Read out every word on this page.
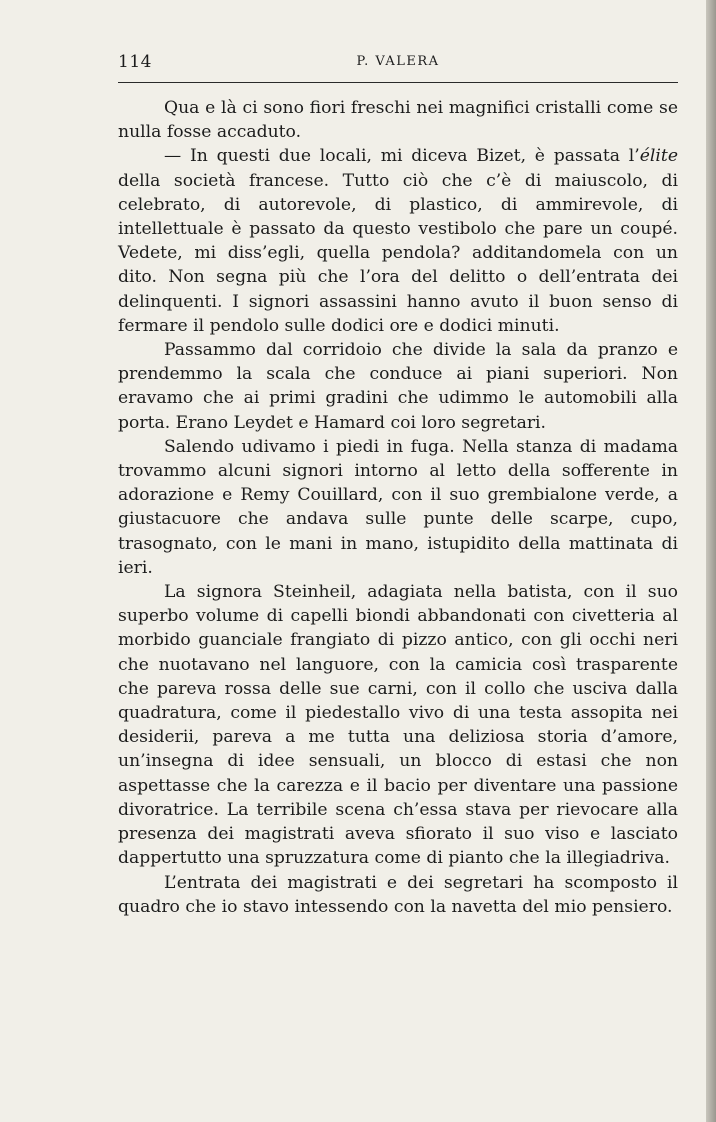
114	P. VALERA

Qua e là ci sono fiori freschi nei magnifici cristalli come se nulla fosse accaduto.

— In questi due locali, mi diceva Bizet, è passata l’élite della società francese. Tutto ciò che c’è di maiuscolo, di celebrato, di autorevole, di plastico, di ammirevole, di intellettuale è passato da questo vestibolo che pare un coupé. Vedete, mi diss’egli, quella pendola? additandomela con un dito. Non segna più che l’ora del delitto o dell’entrata dei delinquenti. I signori assassini hanno avuto il buon senso di fermare il pendolo sulle dodici ore e dodici minuti.

Passammo dal corridoio che divide la sala da pranzo e prendemmo la scala che conduce ai piani superiori. Non eravamo che ai primi gradini che udimmo le automobili alla porta. Erano Leydet e Hamard coi loro segretari.

Salendo udivamo i piedi in fuga. Nella stanza di madama trovammo alcuni signori intorno al letto della sofferente in adorazione e Remy Couillard, con il suo grembialone verde, a giustacuore che andava sulle punte delle scarpe, cupo, trasognato, con le mani in mano, istupidito della mattinata di ieri.

La signora Steinheil, adagiata nella batista, con il suo superbo volume di capelli biondi abbandonati con civetteria al morbido guanciale frangiato di pizzo antico, con gli occhi neri che nuotavano nel languore, con la camicia così trasparente che pareva rossa delle sue carni, con il collo che usciva dalla quadratura, come il piedestallo vivo di una testa assopita nei desiderii, pareva a me tutta una deliziosa storia d’amore, un’insegna di idee sensuali, un blocco di estasi che non aspettasse che la carezza e il bacio per diventare una passione divoratrice. La terribile scena ch’essa stava per rievocare alla presenza dei magistrati aveva sfiorato il suo viso e lasciato dappertutto una spruzzatura come di pianto che la illegiadriva.

L’entrata dei magistrati e dei segretari ha scomposto il quadro che io stavo intessendo con la navetta del mio pensiero.
